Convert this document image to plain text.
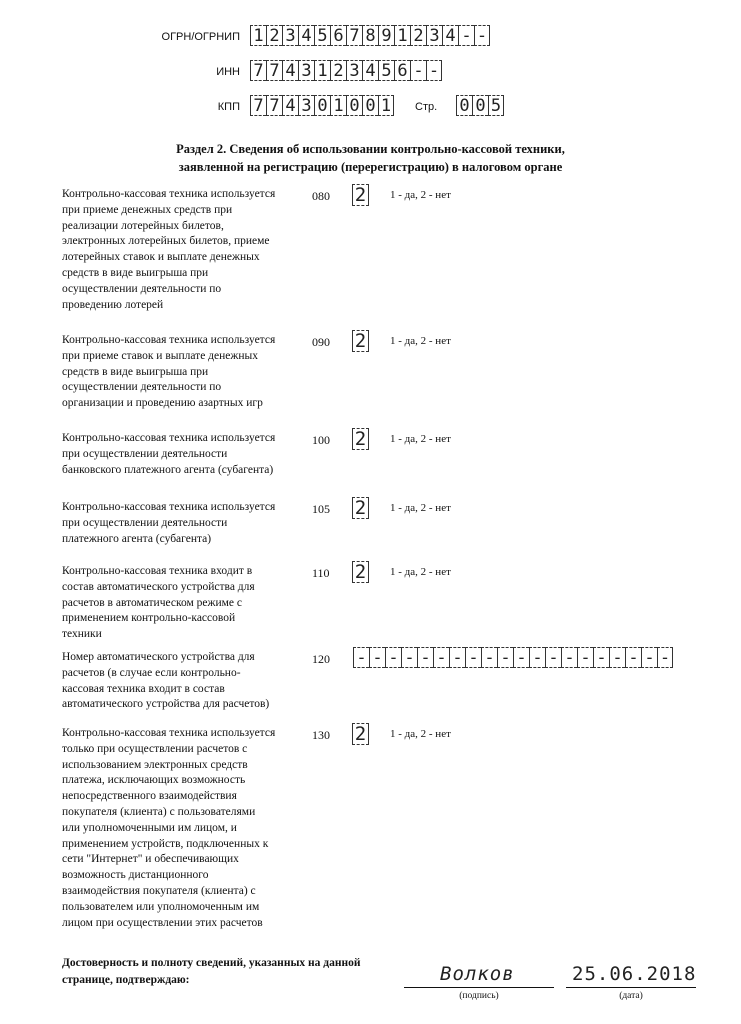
ОГРН/ОГРНИП 1 2 3 4 5 6 7 8 9 1 2 3 4 - -
ИНН 7 7 4 3 1 2 3 4 5 6 - -
КПП 7 7 4 3 0 1 0 0 1 Стр. 0 0 5
Раздел 2. Сведения об использовании контрольно-кассовой техники,
заявленной на регистрацию (перерегистрацию) в налоговом органе
Контрольно-кассовая техника используется
при приеме денежных средств при
реализации лотерейных билетов,
электронных лотерейных билетов, приеме
лотерейных ставок и выплате денежных
средств в виде выигрыша при
осуществлении деятельности по
проведению лотерей
080 2 1 - да, 2 - нет
Контрольно-кассовая техника используется
при приеме ставок и выплате денежных
средств в виде выигрыша при
осуществлении деятельности по
организации и проведению азартных игр
090 2 1 - да, 2 - нет
Контрольно-кассовая техника используется
при осуществлении деятельности
банковского платежного агента (субагента)
100 2 1 - да, 2 - нет
Контрольно-кассовая техника используется
при осуществлении деятельности
платежного агента (субагента)
105 2 1 - да, 2 - нет
Контрольно-кассовая техника входит в
состав автоматического устройства для
расчетов в автоматическом режиме с
применением контрольно-кассовой
техники
110 2 1 - да, 2 - нет
Номер автоматического устройства для
расчетов (в случае если контрольно-
кассовая техника входит в состав
автоматического устройства для расчетов)
120 - - - - - - - - - - - - - - - - - - - -
Контрольно-кассовая техника используется
только при осуществлении расчетов с
использованием электронных средств
платежа, исключающих возможность
непосредственного взаимодействия
покупателя (клиента) с пользователями
или уполномоченными им лицом, и
применением устройств, подключенных к
сети "Интернет" и обеспечивающих
возможность дистанционного
взаимодействия покупателя (клиента) с
пользователем или уполномоченным им
лицом при осуществлении этих расчетов
130 2 1 - да, 2 - нет
Достоверность и полноту сведений, указанных на данной
странице, подтверждаю:	Волков
(подпись)
25.06.2018
(дата)
